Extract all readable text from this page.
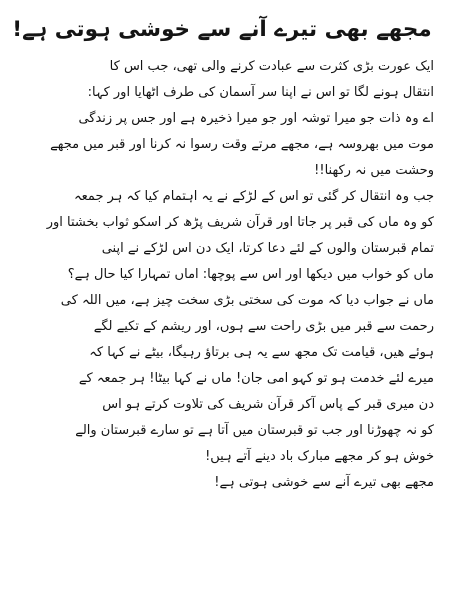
مجھے بھی تیرے آنے سے خوشی ہوتی ہے!
ایک عورت بڑی کثرت سے عبادت کرنے والی تھی، جب اس کا
انتقال ہونے لگا تو اس نے اپنا سر آسمان کی طرف اٹھایا اور کہا:
اے وہ ذات جو میرا توشہ اور جو میرا ذخیرہ ہے اور جس پر زندگی
موت میں بھروسہ ہے، مجھے مرتے وقت رسوا نہ کرنا اور قبر میں مجھے
وحشت میں نہ رکھنا!!
جب وہ انتقال کر گئی تو اس کے لڑکے نے یہ اہتمام کیا کہ ہر جمعہ
کو وہ ماں کی قبر پر جاتا اور قرآن شریف پڑھ کر اسکو ثواب بخشتا اور
تمام قبرستان والوں کے لئے دعا کرتا، ایک دن اس لڑکے نے اپنی
ماں کو خواب میں دیکھا اور اس سے پوچھا: اماں تمہارا کیا حال ہے؟
ماں نے جواب دیا کہ موت کی سختی بڑی سخت چیز ہے، میں اللہ کی
رحمت سے قبر میں بڑی راحت سے ہوں، اور ریشم کے تکیے لگے
ہوئے ھیں، قیامت تک مجھ سے یہ ہی برتاؤ رہیگا، بیٹے نے کہا کہ
میرے لئے خدمت ہو تو کہو امی جان! ماں نے کہا بیٹا! ہر جمعہ کے
دن میری قبر کے پاس آکر قرآن شریف کی تلاوت کرتے ہو اس
کو نہ چھوڑنا اور جب تو قبرستان میں آتا ہے تو سارے قبرستان والے
خوش ہو کر مجھے مبارک باد دینے آتے ہیں!
مجھے بھی تیرے آنے سے خوشی ہوتی ہے!
